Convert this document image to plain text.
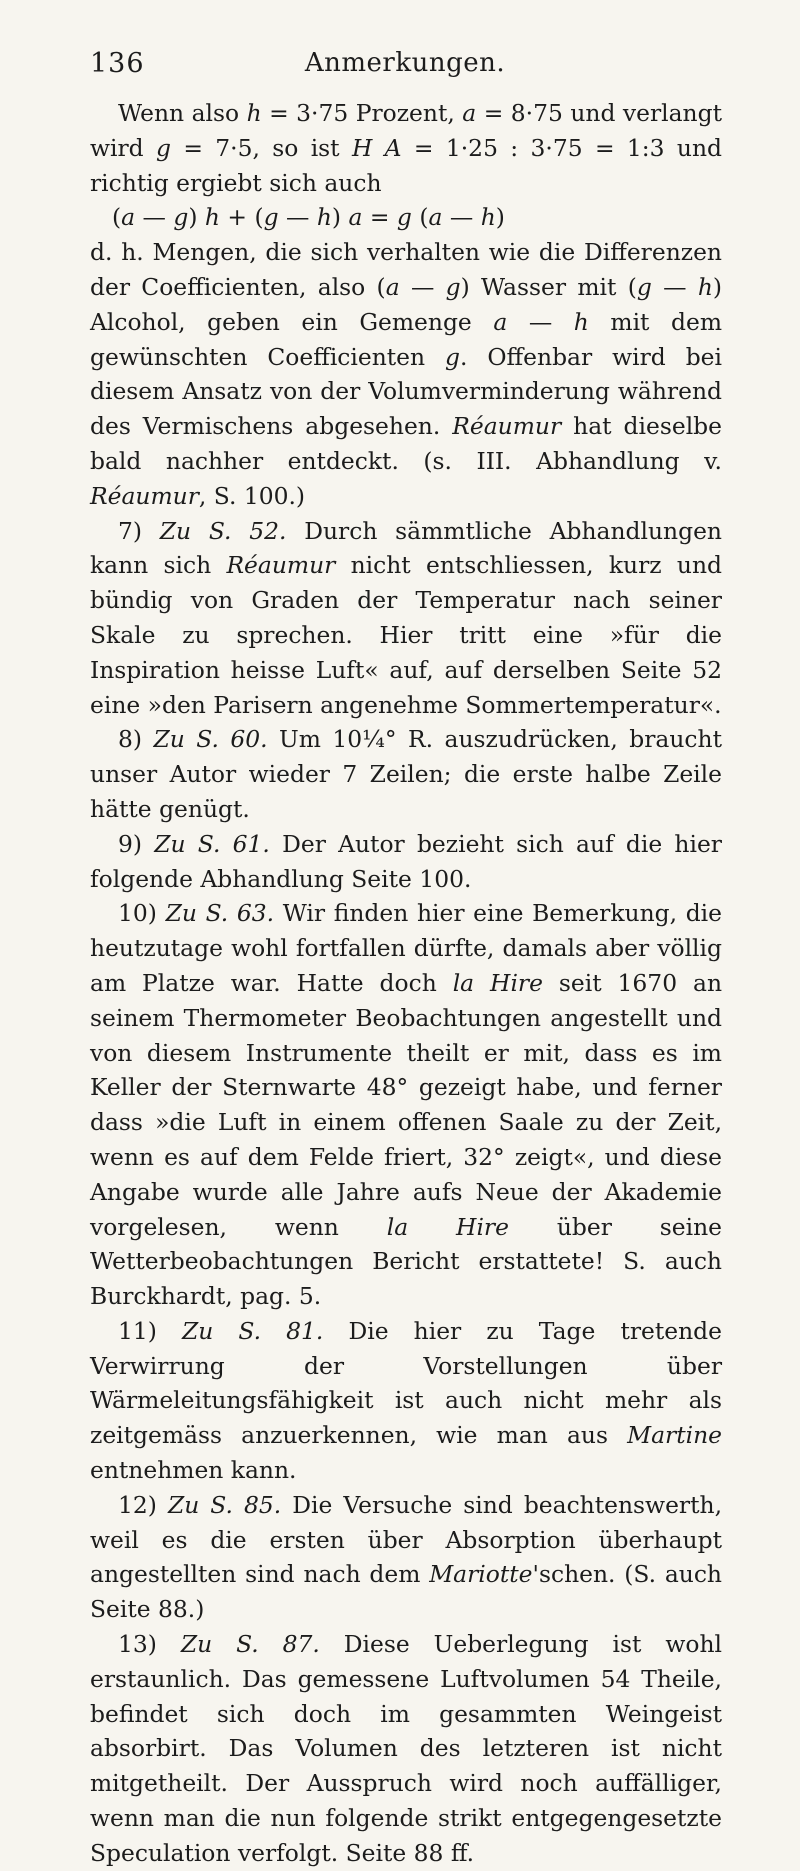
136	Anmerkungen.

Wenn also h = 3·75 Prozent, a = 8·75 und verlangt wird g = 7·5, so ist H A = 1·25 : 3·75 = 1:3 und richtig ergiebt sich auch

(a — g) h + (g — h) a = g (a — h)

d. h. Mengen, die sich verhalten wie die Differenzen der Coefficienten, also (a — g) Wasser mit (g — h) Alcohol, geben ein Gemenge a — h mit dem gewünschten Coefficienten g. Offenbar wird bei diesem Ansatz von der Volumverminderung während des Vermischens abgesehen. Réaumur hat dieselbe bald nachher entdeckt. (s. III. Abhandlung v. Réaumur, S. 100.)

7) Zu S. 52. Durch sämmtliche Abhandlungen kann sich Réaumur nicht entschliessen, kurz und bündig von Graden der Temperatur nach seiner Skale zu sprechen. Hier tritt eine »für die Inspiration heisse Luft« auf, auf derselben Seite 52 eine »den Parisern angenehme Sommertemperatur«.

8) Zu S. 60. Um 10¼° R. auszudrücken, braucht unser Autor wieder 7 Zeilen; die erste halbe Zeile hätte genügt.

9) Zu S. 61. Der Autor bezieht sich auf die hier folgende Abhandlung Seite 100.

10) Zu S. 63. Wir finden hier eine Bemerkung, die heutzutage wohl fortfallen dürfte, damals aber völlig am Platze war. Hatte doch la Hire seit 1670 an seinem Thermometer Beobachtungen angestellt und von diesem Instrumente theilt er mit, dass es im Keller der Sternwarte 48° gezeigt habe, und ferner dass »die Luft in einem offenen Saale zu der Zeit, wenn es auf dem Felde friert, 32° zeigt«, und diese Angabe wurde alle Jahre aufs Neue der Akademie vorgelesen, wenn la Hire über seine Wetterbeobachtungen Bericht erstattete! S. auch Burckhardt, pag. 5.

11) Zu S. 81. Die hier zu Tage tretende Verwirrung der Vorstellungen über Wärmeleitungsfähigkeit ist auch nicht mehr als zeitgemäss anzuerkennen, wie man aus Martine entnehmen kann.

12) Zu S. 85. Die Versuche sind beachtenswerth, weil es die ersten über Absorption überhaupt angestellten sind nach dem Mariotte'schen. (S. auch Seite 88.)

13) Zu S. 87. Diese Ueberlegung ist wohl erstaunlich. Das gemessene Luftvolumen 54 Theile, befindet sich doch im gesammten Weingeist absorbirt. Das Volumen des letzteren ist nicht mitgetheilt. Der Ausspruch wird noch auffälliger, wenn man die nun folgende strikt entgegengesetzte Speculation verfolgt. Seite 88 ff.
